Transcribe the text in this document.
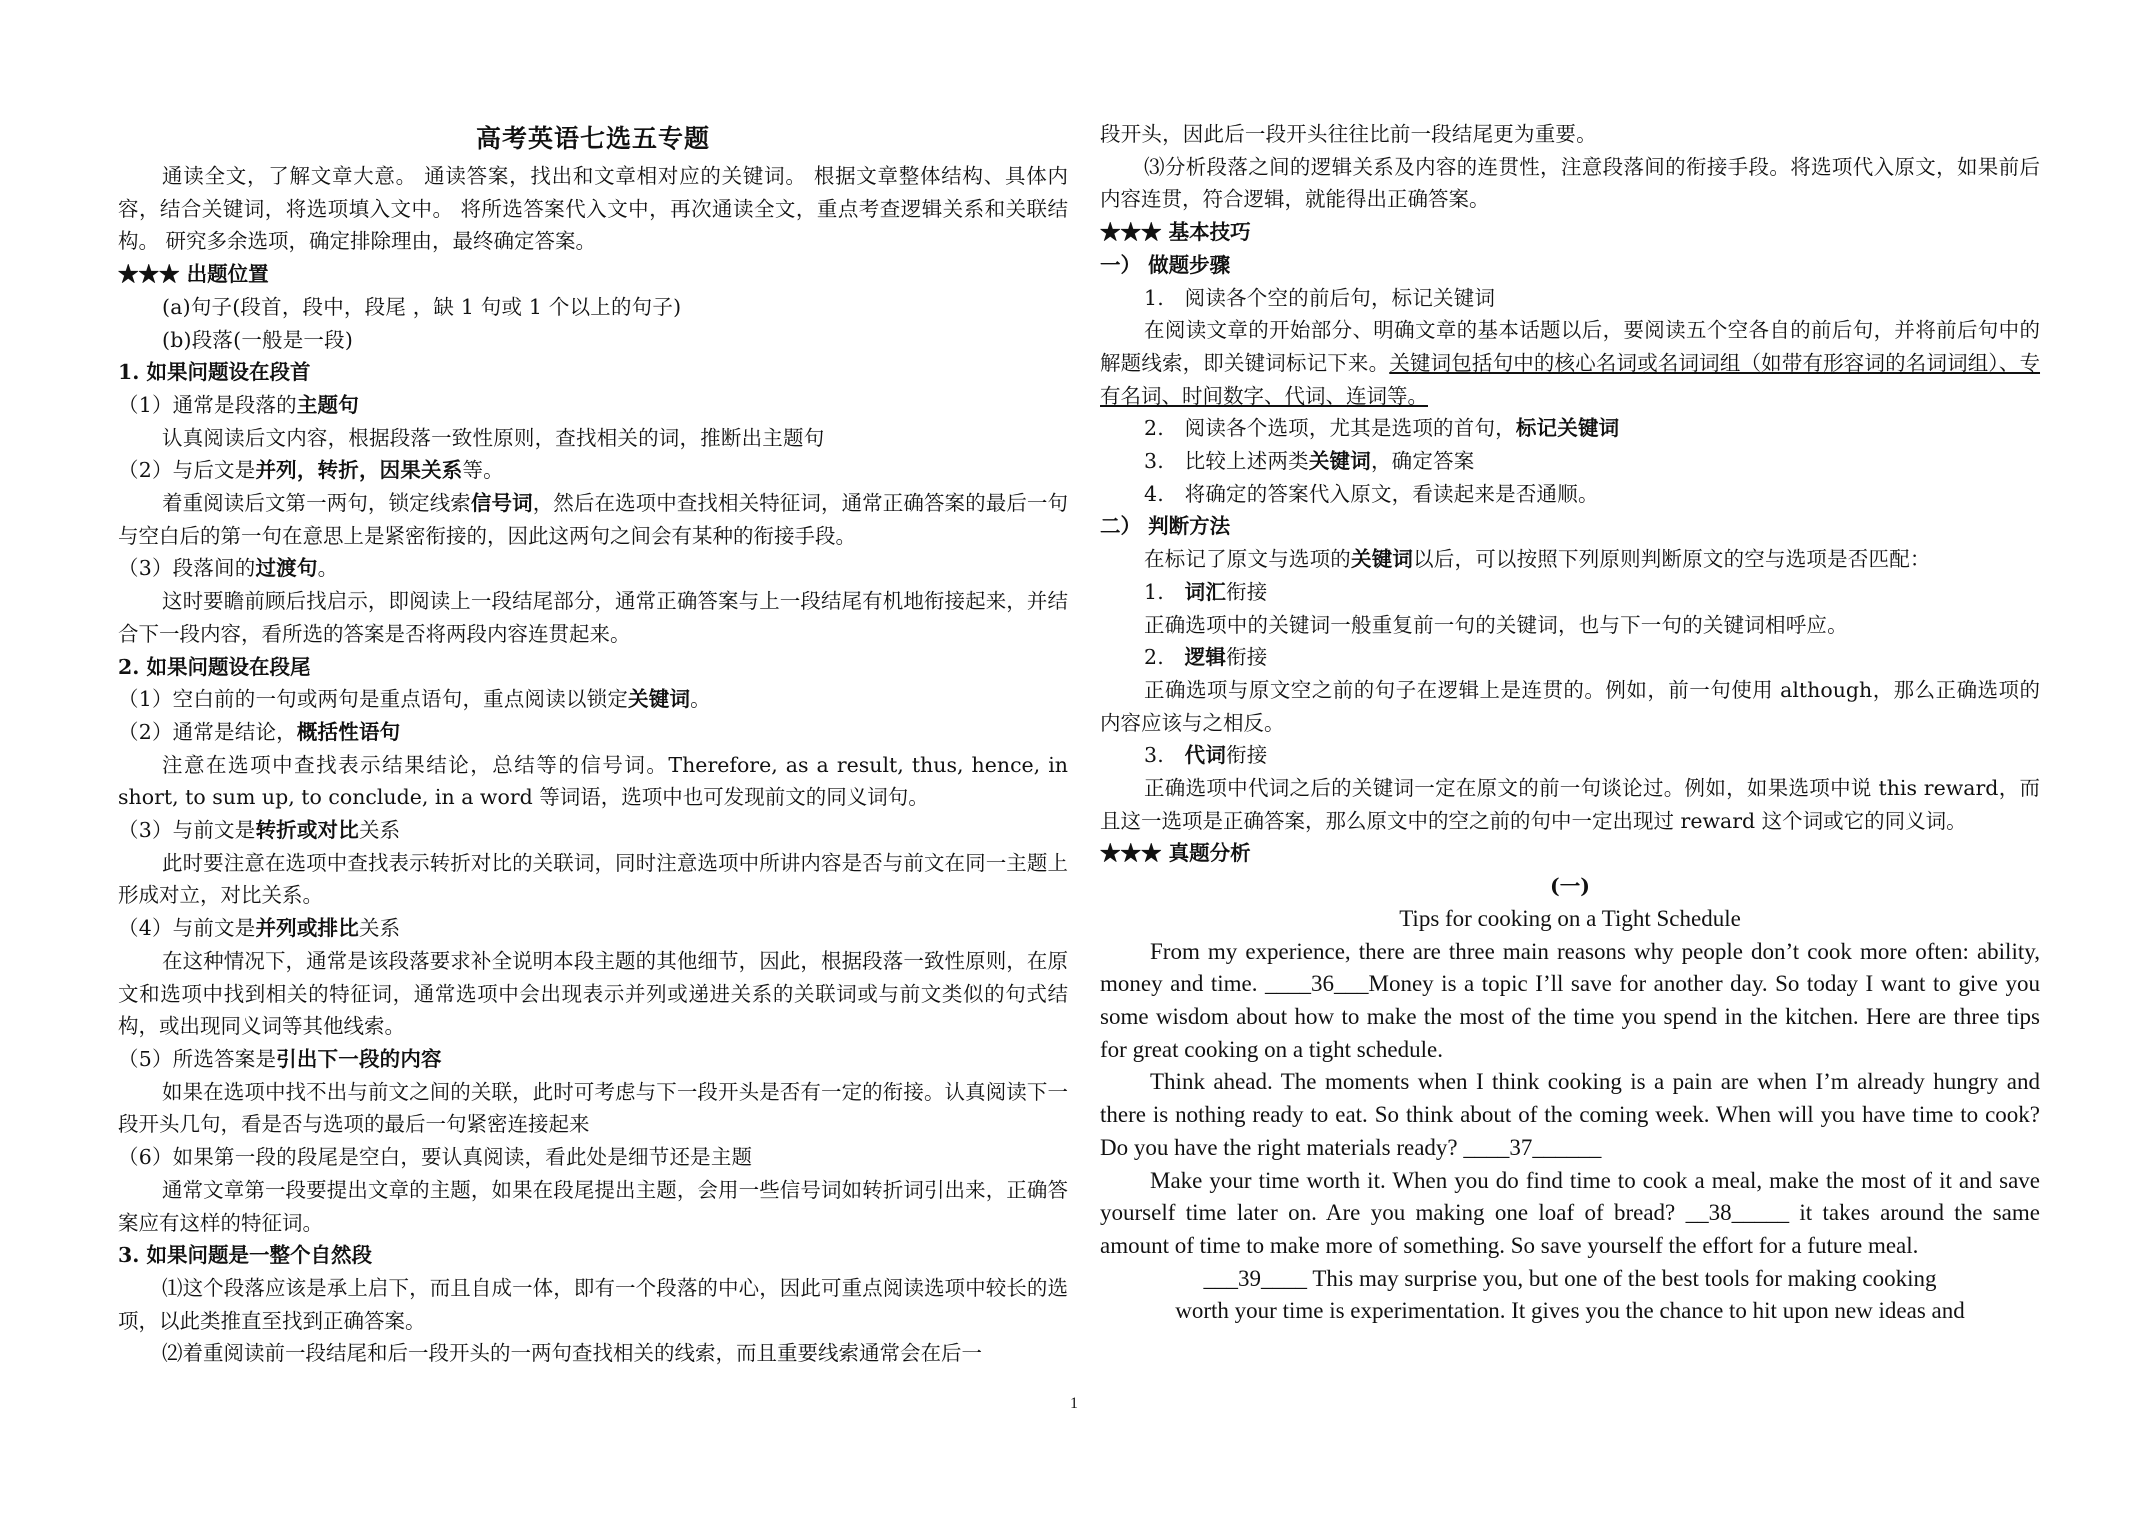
高考英语七选五专题

通读全文，了解文章大意。 通读答案，找出和文章相对应的关键词。 根据文章整体结构、具体内容，结合关键词，将选项填入文中。 将所选答案代入文中，再次通读全文，重点考查逻辑关系和关联结构。 研究多余选项，确定排除理由，最终确定答案。

★★★ 出题位置
(a)句子(段首，段中，段尾 ，缺 1 句或 1 个以上的句子)
(b)段落(一般是一段)
1. 如果问题设在段首
（1）通常是段落的主题句
认真阅读后文内容，根据段落一致性原则，查找相关的词，推断出主题句
（2）与后文是并列，转折，因果关系等。

着重阅读后文第一两句，锁定线索信号词，然后在选项中查找相关特征词，通常正确答案的最后一句与空白后的第一句在意思上是紧密衔接的，因此这两句之间会有某种的衔接手段。

（3）段落间的过渡句。

这时要瞻前顾后找启示，即阅读上一段结尾部分，通常正确答案与上一段结尾有机地衔接起来，并结合下一段内容，看所选的答案是否将两段内容连贯起来。

2. 如果问题设在段尾
（1）空白前的一句或两句是重点语句，重点阅读以锁定关键词。
（2）通常是结论，概括性语句

注意在选项中查找表示结果结论，总结等的信号词。Therefore, as a result, thus, hence, in short, to sum up, to conclude, in a word 等词语，选项中也可发现前文的同义词句。

（3）与前文是转折或对比关系

此时要注意在选项中查找表示转折对比的关联词，同时注意选项中所讲内容是否与前文在同一主题上形成对立，对比关系。

（4）与前文是并列或排比关系

在这种情况下，通常是该段落要求补全说明本段主题的其他细节，因此，根据段落一致性原则，在原文和选项中找到相关的特征词，通常选项中会出现表示并列或递进关系的关联词或与前文类似的句式结构，或出现同义词等其他线索。

（5）所选答案是引出下一段的内容

如果在选项中找不出与前文之间的关联，此时可考虑与下一段开头是否有一定的衔接。认真阅读下一段开头几句，看是否与选项的最后一句紧密连接起来

（6）如果第一段的段尾是空白，要认真阅读，看此处是细节还是主题

通常文章第一段要提出文章的主题，如果在段尾提出主题，会用一些信号词如转折词引出来，正确答案应有这样的特征词。

3. 如果问题是一整个自然段

⑴这个段落应该是承上启下，而且自成一体，即有一个段落的中心，因此可重点阅读选项中较长的选项，以此类推直至找到正确答案。

⑵着重阅读前一段结尾和后一段开头的一两句查找相关的线索，而且重要线索通常会在后一

段开头，因此后一段开头往往比前一段结尾更为重要。

⑶分析段落之间的逻辑关系及内容的连贯性，注意段落间的衔接手段。将选项代入原文，如果前后内容连贯，符合逻辑，就能得出正确答案。

★★★ 基本技巧
一） 做题步骤
1.　阅读各个空的前后句，标记关键词

在阅读文章的开始部分、明确文章的基本话题以后，要阅读五个空各自的前后句，并将前后句中的解题线索，即关键词标记下来。关键词包括句中的核心名词或名词词组（如带有形容词的名词词组）、专有名词、时间数字、代词、连词等。

2.　阅读各个选项，尤其是选项的首句，标记关键词
3.　比较上述两类关键词，确定答案
4.　将确定的答案代入原文，看读起来是否通顺。
二） 判断方法
在标记了原文与选项的关键词以后，可以按照下列原则判断原文的空与选项是否匹配：
1.　词汇衔接
正确选项中的关键词一般重复前一句的关键词，也与下一句的关键词相呼应。
2.　逻辑衔接

正确选项与原文空之前的句子在逻辑上是连贯的。例如，前一句使用 although，那么正确选项的内容应该与之相反。

3.　代词衔接

正确选项中代词之后的关键词一定在原文的前一句谈论过。例如，如果选项中说 this reward，而且这一选项是正确答案，那么原文中的空之前的句中一定出现过 reward 这个词或它的同义词。

★★★ 真题分析
(一)
Tips for cooking on a Tight Schedule

From my experience, there are three main reasons why people don’t cook more often: ability, money and time. ____36___Money is a topic I’ll save for another day. So today I want to give you some wisdom about how to make the most of the time you spend in the kitchen. Here are three tips for great cooking on a tight schedule.

Think ahead. The moments when I think cooking is a pain are when I’m already hungry and there is nothing ready to eat. So think about of the coming week. When will you have time to cook? Do you have the right materials ready? ____37______

Make your time worth it. When you do find time to cook a meal, make the most of it and save yourself time later on. Are you making one loaf of bread? __38_____ it takes around the same amount of time to make more of something. So save yourself the effort for a future meal.

___39____ This may surprise you, but one of the best tools for making cooking

worth your time is experimentation. It gives you the chance to hit upon new ideas and

1
